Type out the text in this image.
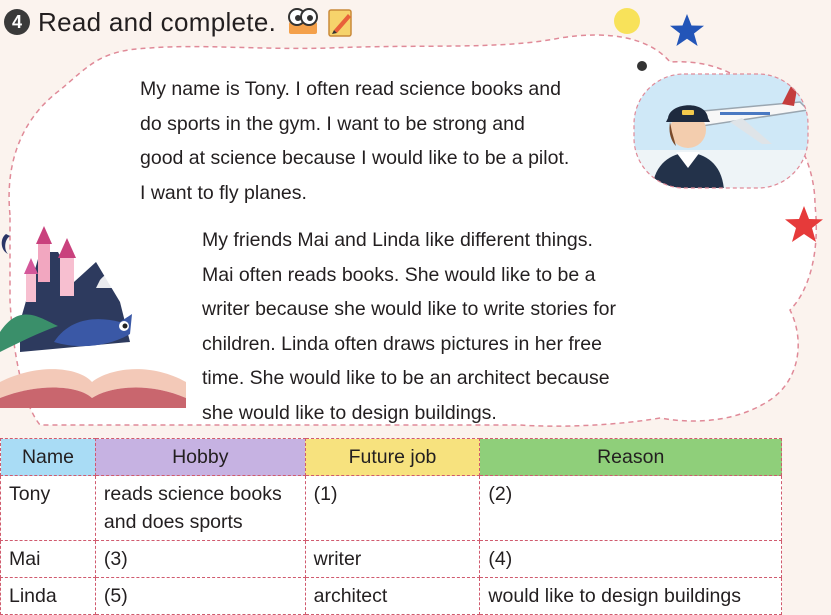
4 Read and complete.
My name is Tony. I often read science books and
do sports in the gym. I want to be strong and
good at science because I would like to be a pilot.
I want to fly planes.
My friends Mai and Linda like different things.
Mai often reads books. She would like to be a
writer because she would like to write stories for
children. Linda often draws pictures in her free
time. She would like to be an architect because
she would like to design buildings.
Name	Hobby	Future job	Reason
Tony	reads science books
and does sports	(1)	(2)
Mai	(3)	writer	(4)
Linda	(5)	architect	would like to design buildings
